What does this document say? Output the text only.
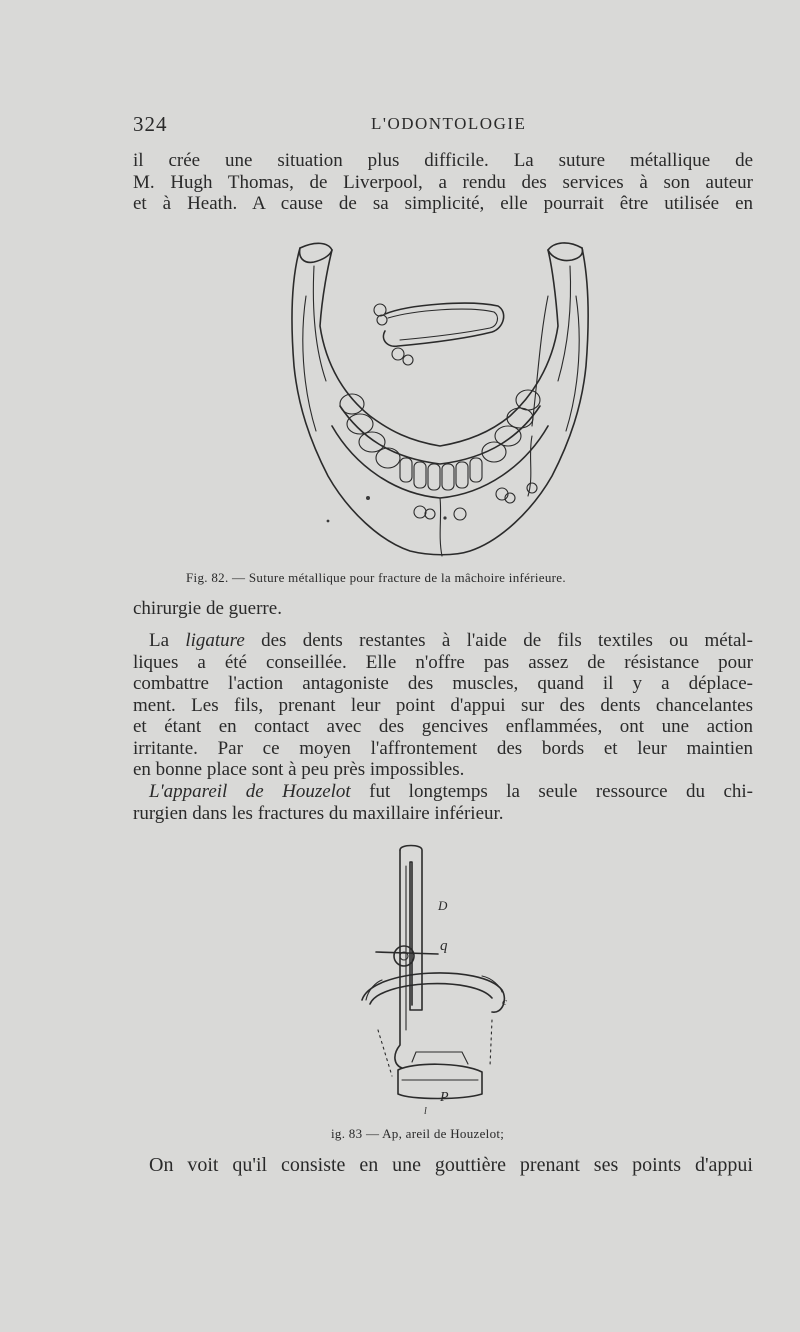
324	L'ODONTOLOGIE
il crée une situation plus difficile. La suture métallique de
M. Hugh Thomas, de Liverpool, a rendu des services à son auteur
et à Heath. A cause de sa simplicité, elle pourrait être utilisée en
Fig. 82. — Suture métallique pour fracture de la mâchoire inférieure.
chirurgie de guerre.
La ligature des dents restantes à l'aide de fils textiles ou métal-
liques a été conseillée. Elle n'offre pas assez de résistance pour
combattre l'action antagoniste des muscles, quand il y a déplace-
ment. Les fils, prenant leur point d'appui sur des dents chancelantes
et étant en contact avec des gencives enflammées, ont une action
irritante. Par ce moyen l'affrontement des bords et leur maintien
en bonne place sont à peu près impossibles.
L'appareil de Houzelot fut longtemps la seule ressource du chi-
rurgien dans les fractures du maxillaire inférieur.
D
q
c
P
l
ig. 83 — Ap, areil de Houzelot;
On voit qu'il consiste en une gouttière prenant ses points d'appui
